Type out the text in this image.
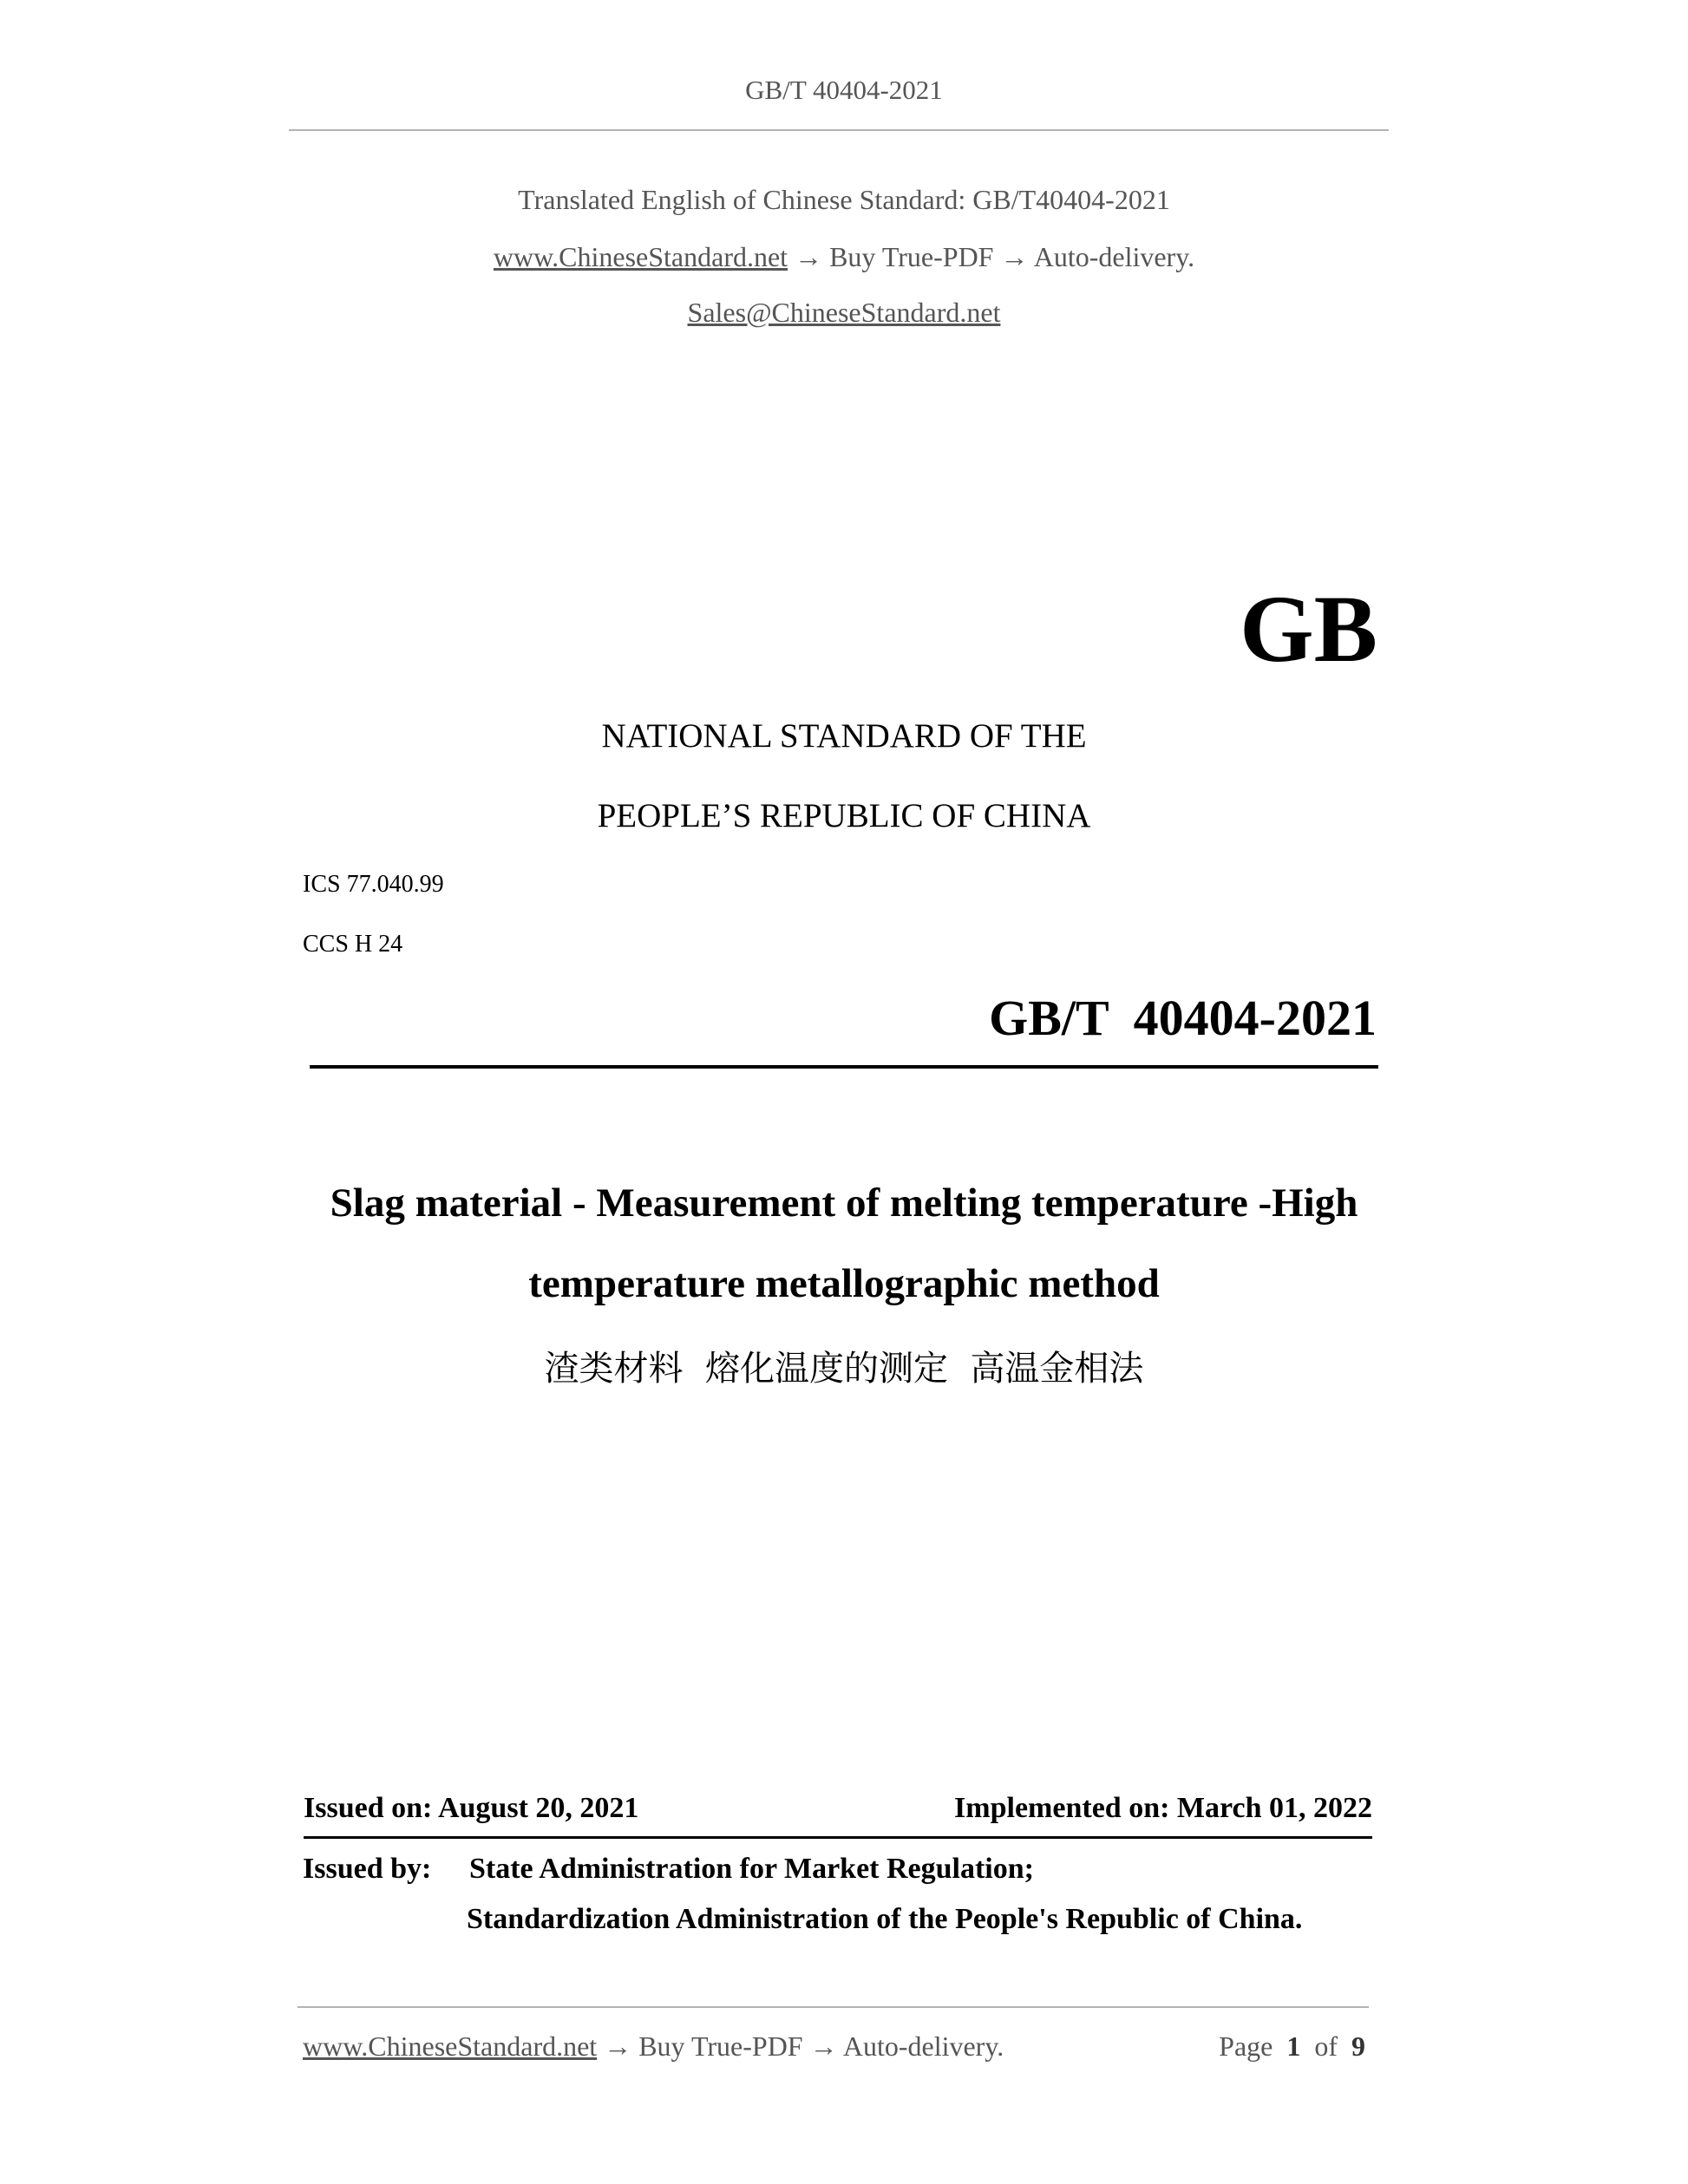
GB/T 40404-2021
Translated English of Chinese Standard: GB/T40404-2021
www.ChineseStandard.net → Buy True-PDF → Auto-delivery.
Sales@ChineseStandard.net
GB
NATIONAL STANDARD OF THE
PEOPLE’S REPUBLIC OF CHINA
ICS 77.040.99
CCS H 24
GB/T  40404-2021
Slag material - Measurement of melting temperature -High
temperature metallographic method
渣类材料  熔化温度的测定  高温金相法
Issued on: August 20, 2021	Implemented on: March 01, 2022
Issued by: State Administration for Market Regulation;
Standardization Administration of the People's Republic of China.
www.ChineseStandard.net → Buy True-PDF → Auto-delivery.	Page 1 of 9
